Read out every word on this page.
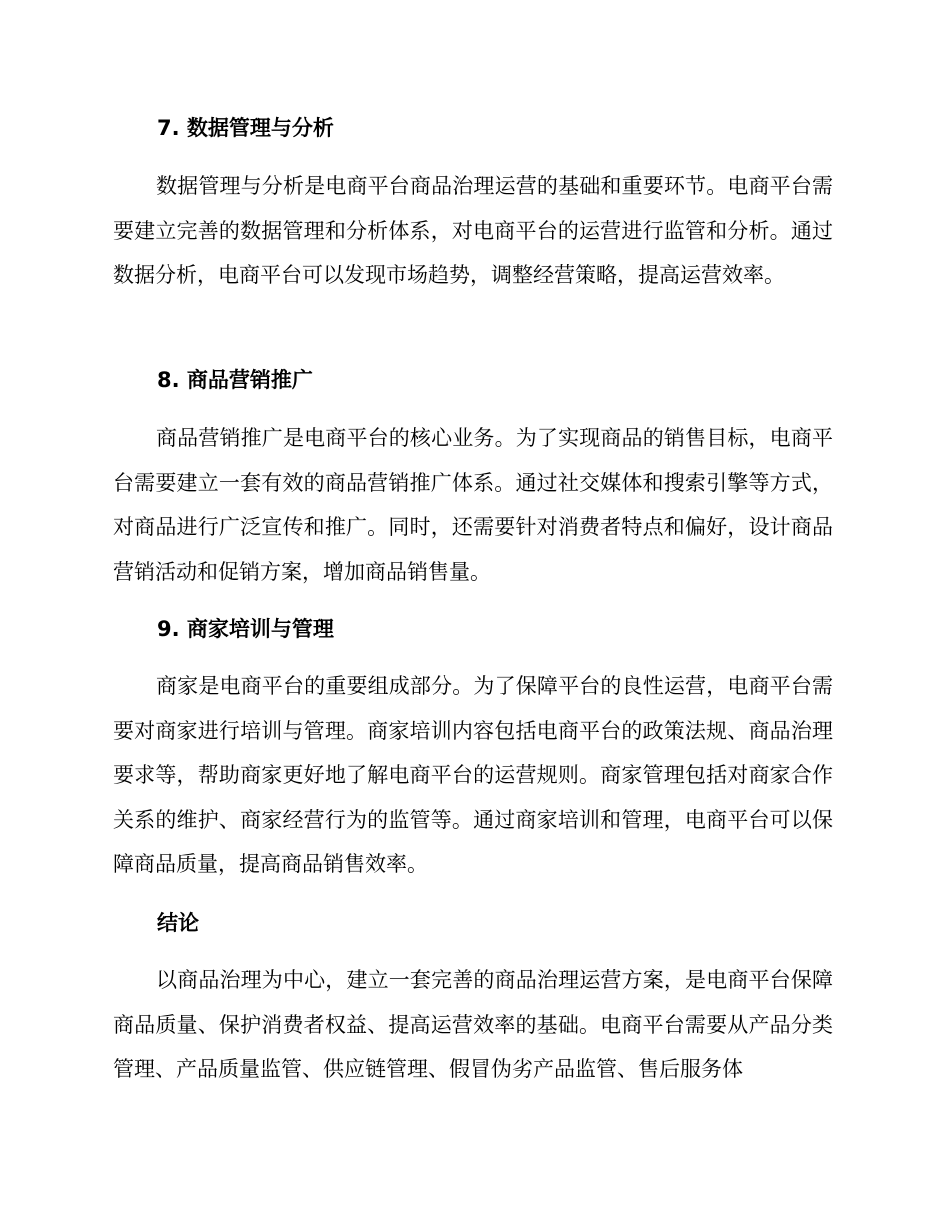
7. 数据管理与分析
数据管理与分析是电商平台商品治理运营的基础和重要环节。电商平台需要建立完善的数据管理和分析体系，对电商平台的运营进行监管和分析。通过数据分析，电商平台可以发现市场趋势，调整经营策略，提高运营效率。
8. 商品营销推广
商品营销推广是电商平台的核心业务。为了实现商品的销售目标，电商平台需要建立一套有效的商品营销推广体系。通过社交媒体和搜索引擎等方式，对商品进行广泛宣传和推广。同时，还需要针对消费者特点和偏好，设计商品营销活动和促销方案，增加商品销售量。
9. 商家培训与管理
商家是电商平台的重要组成部分。为了保障平台的良性运营，电商平台需要对商家进行培训与管理。商家培训内容包括电商平台的政策法规、商品治理要求等，帮助商家更好地了解电商平台的运营规则。商家管理包括对商家合作关系的维护、商家经营行为的监管等。通过商家培训和管理，电商平台可以保障商品质量，提高商品销售效率。
结论
以商品治理为中心，建立一套完善的商品治理运营方案，是电商平台保障商品质量、保护消费者权益、提高运营效率的基础。电商平台需要从产品分类管理、产品质量监管、供应链管理、假冒伪劣产品监管、售后服务体
